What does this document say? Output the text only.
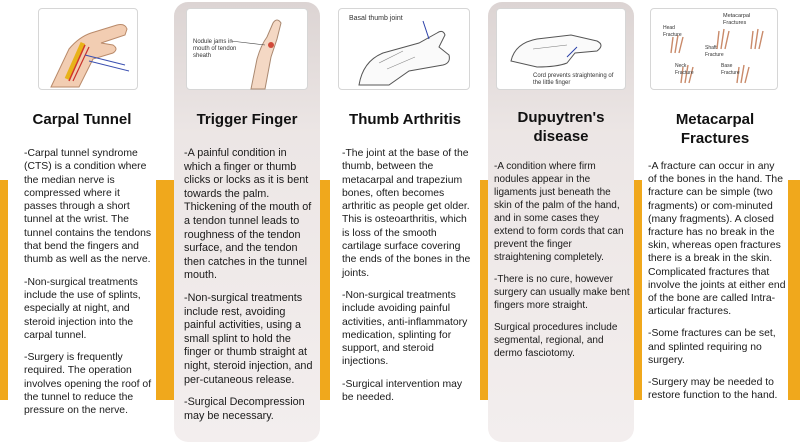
Carpal Tunnel

-Carpal tunnel syndrome (CTS) is a condition where the median nerve is compressed where it passes through a short tunnel at the wrist. The tunnel contains the tendons that bend the fingers and thumb as well as the nerve.

-Non-surgical treatments include the use of splints, especially at night, and steroid injection into the carpal tunnel.

-Surgery is frequently required. The operation involves opening the roof of the tunnel to reduce the pressure on the nerve.

Nodule jams in mouth of tendon sheath
Trigger Finger

-A painful condition in which a finger or thumb clicks or locks as it is bent towards the palm. Thickening of the mouth of a tendon tunnel leads to roughness of the tendon surface, and the tendon then catches in the tunnel mouth.

-Non-surgical treatments include rest, avoiding painful activities, using a small splint to hold the finger or thumb straight at night, steroid injection, and per-cutaneous release.

-Surgical Decompression may be necessary.

Basal thumb joint
Thumb Arthritis

-The joint at the base of the thumb, between the metacarpal and trapezium bones, often becomes arthritic as people get older. This is osteoarthritis, which is loss of the smooth cartilage surface covering the ends of the bones in the joints.

-Non-surgical treatments include avoiding painful activities, anti-inflammatory medication, splinting for support, and steroid injections.

-Surgical intervention may be needed.

Cord prevents straightening of the little finger
Dupuytren's
disease

-A condition where firm nodules appear in the ligaments just beneath the skin of the palm of the hand, and in some cases they extend to form cords that can prevent the finger straightening completely.

-There is no cure, however surgery can usually make bent fingers more straight.

Surgical procedures include segmental, regional, and dermo fasciotomy.

Metacarpal Fractures
Head Fracture
Shaft Fracture
Neck Fracture
Base Fracture
Metacarpal
Fractures

-A fracture can occur in any of the bones in the hand. The fracture can be simple (two fragments) or com-minuted (many fragments). A closed fracture has no break in the skin, whereas open fractures there is a break in the skin. Complicated fractures that involve the joints at either end of the bone are called Intra-articular fractures.

-Some fractures can be set, and splinted requiring no surgery.

-Surgery may be needed to restore function to the hand.
